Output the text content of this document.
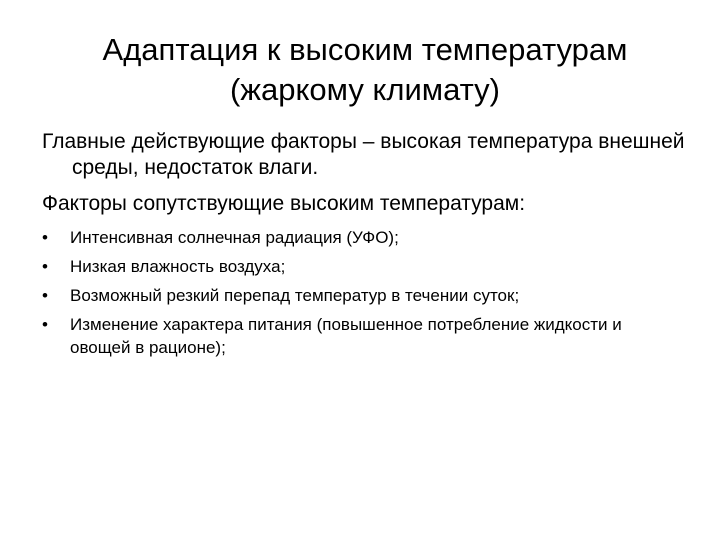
Адаптация к высоким температурам
(жаркому климату)

Главные действующие факторы – высокая температура внешней среды, недостаток влаги.

Факторы сопутствующие высоким температурам:

• Интенсивная солнечная радиация (УФО);
• Низкая влажность воздуха;
• Возможный резкий перепад температур в течении суток;
• Изменение характера питания (повышенное потребление жидкости и овощей в рационе);
